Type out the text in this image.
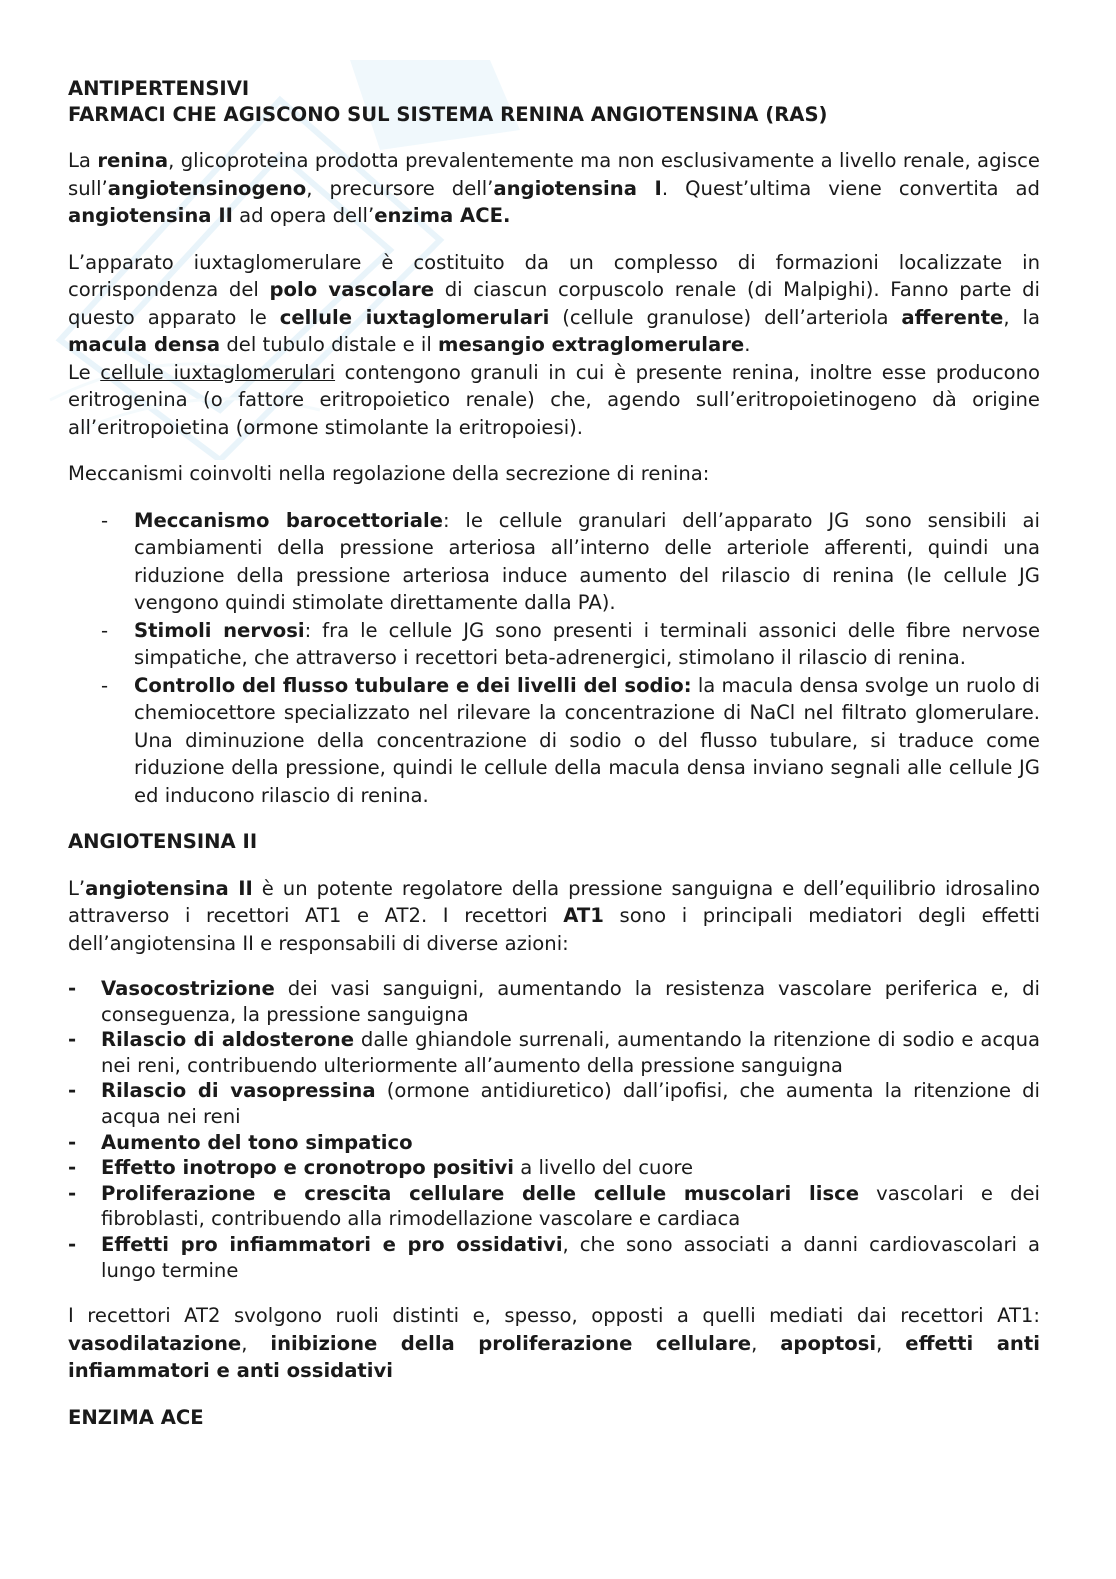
ANTIPERTENSIVI
FARMACI CHE AGISCONO SUL SISTEMA RENINA ANGIOTENSINA (RAS)

La renina, glicoproteina prodotta prevalentemente ma non esclusivamente a livello renale, agisce sull’angiotensinogeno, precursore dell’angiotensina I. Quest’ultima viene convertita ad angiotensina II ad opera dell’enzima ACE.

L’apparato iuxtaglomerulare è costituito da un complesso di formazioni localizzate in corrispondenza del polo vascolare di ciascun corpuscolo renale (di Malpighi). Fanno parte di questo apparato le cellule iuxtaglomerulari (cellule granulose) dell’arteriola afferente, la macula densa del tubulo distale e il mesangio extraglomerulare.

Le cellule iuxtaglomerulari contengono granuli in cui è presente renina, inoltre esse producono eritrogenina (o fattore eritropoietico renale) che, agendo sull’eritropoietinogeno dà origine all’eritropoietina (ormone stimolante la eritropoiesi).

Meccanismi coinvolti nella regolazione della secrezione di renina:

- Meccanismo barocettoriale: le cellule granulari dell’apparato JG sono sensibili ai cambiamenti della pressione arteriosa all’interno delle arteriole afferenti, quindi una riduzione della pressione arteriosa induce aumento del rilascio di renina (le cellule JG vengono quindi stimolate direttamente dalla PA).
- Stimoli nervosi: fra le cellule JG sono presenti i terminali assonici delle fibre nervose simpatiche, che attraverso i recettori beta-adrenergici, stimolano il rilascio di renina.
- Controllo del flusso tubulare e dei livelli del sodio: la macula densa svolge un ruolo di chemiocettore specializzato nel rilevare la concentrazione di NaCl nel filtrato glomerulare. Una diminuzione della concentrazione di sodio o del flusso tubulare, si traduce come riduzione della pressione, quindi le cellule della macula densa inviano segnali alle cellule JG ed inducono rilascio di renina.
ANGIOTENSINA II

L’angiotensina II è un potente regolatore della pressione sanguigna e dell’equilibrio idrosalino attraverso i recettori AT1 e AT2. I recettori AT1 sono i principali mediatori degli effetti dell’angiotensina II e responsabili di diverse azioni:

- Vasocostrizione dei vasi sanguigni, aumentando la resistenza vascolare periferica e, di conseguenza, la pressione sanguigna
- Rilascio di aldosterone dalle ghiandole surrenali, aumentando la ritenzione di sodio e acqua nei reni, contribuendo ulteriormente all’aumento della pressione sanguigna
- Rilascio di vasopressina (ormone antidiuretico) dall’ipofisi, che aumenta la ritenzione di acqua nei reni
- Aumento del tono simpatico
- Effetto inotropo e cronotropo positivi a livello del cuore
- Proliferazione e crescita cellulare delle cellule muscolari lisce vascolari e dei fibroblasti, contribuendo alla rimodellazione vascolare e cardiaca
- Effetti pro infiammatori e pro ossidativi, che sono associati a danni cardiovascolari a lungo termine

I recettori AT2 svolgono ruoli distinti e, spesso, opposti a quelli mediati dai recettori AT1: vasodilatazione, inibizione della proliferazione cellulare, apoptosi, effetti anti infiammatori e anti ossidativi

ENZIMA ACE
